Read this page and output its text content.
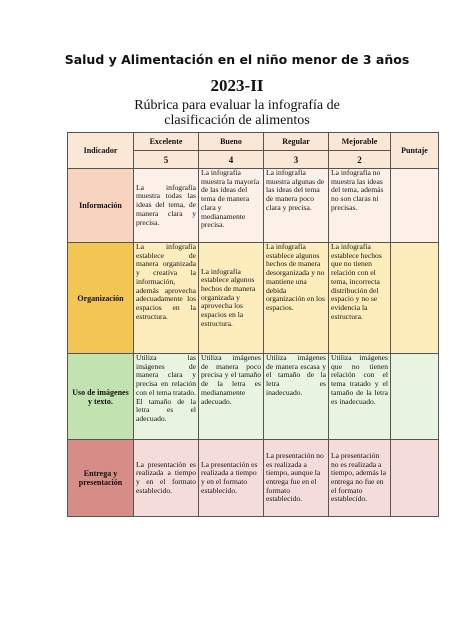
Salud y Alimentación en el niño menor de 3 años
2023-II
Rúbrica para evaluar la infografía de
clasificación de alimentos
Indicador	Excelente	Bueno	Regular	Mejorable	Puntaje
	5	4	3	2	
Información	La infografía muestra todas las ideas del tema, de manera clara y precisa.	La infografía muestra la mayoría de las ideas del tema de manera clara y medianamente precisa.	La infografía muestra algunas de las ideas del tema de manera poco clara y precisa.	La infografía no muestra las ideas del tema, además no son claras ni precisas.	
Organización	La infografía establece de manera organizada y creativa la información, además aprovecha adecuadamente los espacios en la estructura.	La infografía establece algunos hechos de manera organizada y aprovecha los espacios en la estructura.	La infografía establece algunos hechos de manera desorganizada y no mantiene una debida organización en los espacios.	La infografía establece hechos que no tienen relación con el tema, incorrecta distribución del espacio y no se evidencia la estructura.	
Uso de imágenes y texto.	Utiliza las imágenes de manera clara y precisa en relación con el tema tratado. El tamaño de la letra es el adecuado.	Utiliza imágenes de manera poco precisa y el tamaño de la letra es medianamente adecuado.	Utiliza imágenes de manera escasa y el tamaño de la letra es inadecuado.	Utiliza imágenes que no tienen relación con el tema tratado y el tamaño de la letra es inadecuado.	
Entrega y presentación	La presentación es realizada a tiempo y en el formato establecido.	La presentación es realizada a tiempo y en el formato establecido.	La presentación no es realizada a tiempo, aunque la entrega fue en el formato establecido.	La presentación no es realizada a tiempo, además la entrega no fue en el formato establecido.	
